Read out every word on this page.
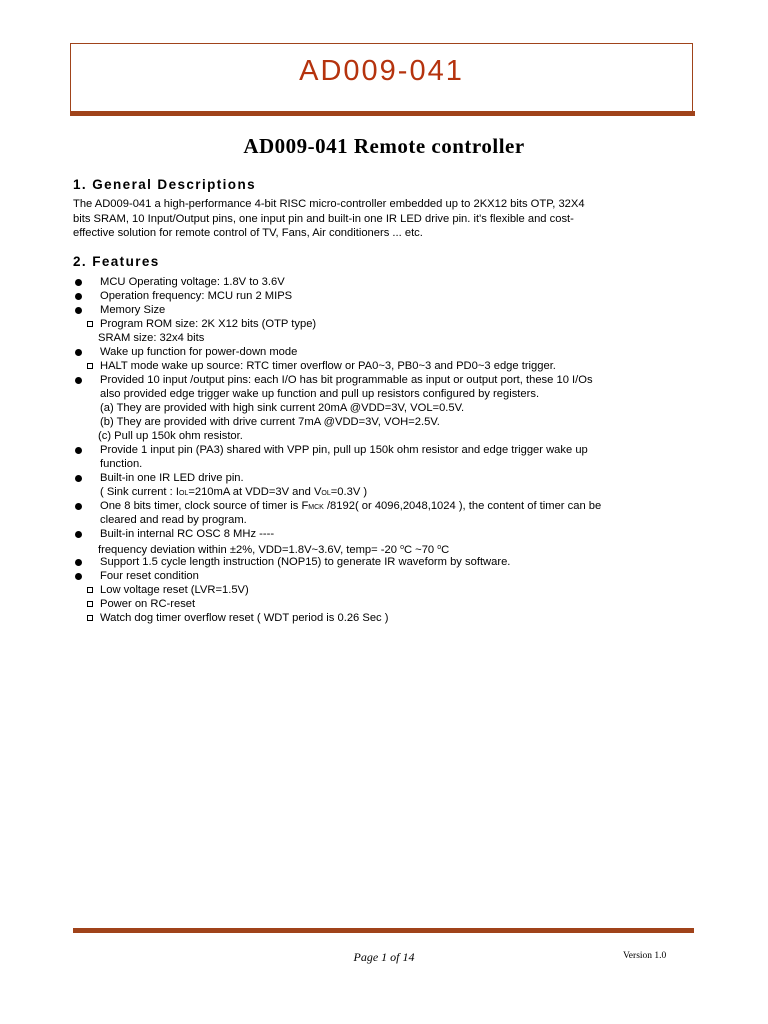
AD009-041
AD009-041 Remote controller
1. General Descriptions
The AD009-041 a high-performance 4-bit RISC micro-controller embedded up to 2KX12 bits OTP, 32X4
bits SRAM, 10 Input/Output pins, one input pin and built-in one IR LED drive pin. it's flexible and cost-
effective solution for remote control of TV, Fans, Air conditioners ... etc.
2. Features
MCU Operating voltage: 1.8V to 3.6V
Operation frequency: MCU run 2 MIPS
Memory Size
Program ROM size: 2K X12 bits (OTP type)
SRAM size: 32x4 bits
Wake up function for power-down mode
HALT mode wake up source: RTC timer overflow or PA0~3, PB0~3 and PD0~3 edge trigger.
Provided 10 input /output pins: each I/O has bit programmable as input or output port, these 10 I/Os
also provided edge trigger wake up function and pull up resistors configured by registers.
(a) They are provided with high sink current 20mA @VDD=3V, VOL=0.5V.
(b) They are provided with drive current 7mA @VDD=3V, VOH=2.5V.
(c) Pull up 150k ohm resistor.
Provide 1 input pin (PA3) shared with VPP pin, pull up 150k ohm resistor and edge trigger wake up
function.
Built-in one IR LED drive pin.
( Sink current : IOL=210mA at VDD=3V and VOL=0.3V )
One 8 bits timer, clock source of timer is FMCK /8192( or 4096,2048,1024 ), the content of timer can be
cleared and read by program.
Built-in internal RC OSC 8 MHz ----
frequency deviation within ±2%, VDD=1.8V~3.6V, temp= -20 $^o$C ~70 $^o$C
Support 1.5 cycle length instruction (NOP15) to generate IR waveform by software.
Four reset condition
Low voltage reset (LVR=1.5V)
Power on RC-reset
Watch dog timer overflow reset ( WDT period is 0.26 Sec )
Page 1 of 14	Version 1.0
